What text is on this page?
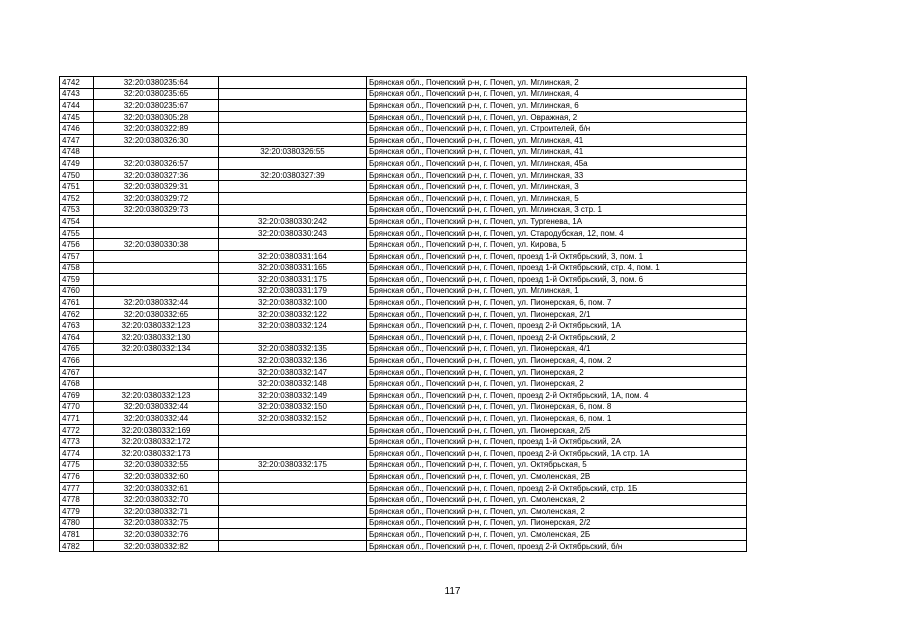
4742	32:20:0380235:64		Брянская обл., Почепский р-н, г. Почеп, ул. Мглинская, 2
4743	32:20:0380235:65		Брянская обл., Почепский р-н, г. Почеп, ул. Мглинская, 4
4744	32:20:0380235:67		Брянская обл., Почепский р-н, г. Почеп, ул. Мглинская, 6
4745	32:20:0380305:28		Брянская обл., Почепский р-н, г. Почеп, ул. Овражная, 2
4746	32:20:0380322:89		Брянская обл., Почепский р-н, г. Почеп, ул. Строителей, б/н
4747	32:20:0380326:30		Брянская обл., Почепский р-н, г. Почеп, ул. Мглинская, 41
4748		32:20:0380326:55	Брянская обл., Почепский р-н, г. Почеп, ул. Мглинская, 41
4749	32:20:0380326:57		Брянская обл., Почепский р-н, г. Почеп, ул. Мглинская, 45а
4750	32:20:0380327:36	32:20:0380327:39	Брянская обл., Почепский р-н, г. Почеп, ул. Мглинская, 33
4751	32:20:0380329:31		Брянская обл., Почепский р-н, г. Почеп, ул. Мглинская, 3
4752	32:20:0380329:72		Брянская обл., Почепский р-н, г. Почеп, ул. Мглинская, 5
4753	32:20:0380329:73		Брянская обл., Почепский р-н, г. Почеп, ул. Мглинская, 3 стр. 1
4754		32:20:0380330:242	Брянская обл., Почепский р-н, г. Почеп, ул. Тургенева, 1А
4755		32:20:0380330:243	Брянская обл., Почепский р-н, г. Почеп, ул. Стародубская, 12, пом. 4
4756	32:20:0380330:38		Брянская обл., Почепский р-н, г. Почеп, ул. Кирова, 5
4757		32:20:0380331:164	Брянская обл., Почепский р-н, г. Почеп, проезд 1-й Октябрьский, 3, пом. 1
4758		32:20:0380331:165	Брянская обл., Почепский р-н, г. Почеп, проезд 1-й Октябрьский, стр. 4, пом. 1
4759		32:20:0380331:175	Брянская обл., Почепский р-н, г. Почеп, проезд 1-й Октябрьский, 3, пом. 6
4760		32:20:0380331:179	Брянская обл., Почепский р-н, г. Почеп, ул. Мглинская, 1
4761	32:20:0380332:44	32:20:0380332:100	Брянская обл., Почепский р-н, г. Почеп, ул. Пионерская, 6, пом. 7
4762	32:20:0380332:65	32:20:0380332:122	Брянская обл., Почепский р-н, г. Почеп, ул. Пионерская, 2/1
4763	32:20:0380332:123	32:20:0380332:124	Брянская обл., Почепский р-н, г. Почеп, проезд 2-й Октябрьский, 1А
4764	32:20:0380332:130		Брянская обл., Почепский р-н, г. Почеп, проезд 2-й Октябрьский, 2
4765	32:20:0380332:134	32:20:0380332:135	Брянская обл., Почепский р-н, г. Почеп, ул. Пионерская, 4/1
4766		32:20:0380332:136	Брянская обл., Почепский р-н, г. Почеп, ул. Пионерская, 4, пом. 2
4767		32:20:0380332:147	Брянская обл., Почепский р-н, г. Почеп, ул. Пионерская, 2
4768		32:20:0380332:148	Брянская обл., Почепский р-н, г. Почеп, ул. Пионерская, 2
4769	32:20:0380332:123	32:20:0380332:149	Брянская обл., Почепский р-н, г. Почеп, проезд 2-й Октябрьский, 1А, пом. 4
4770	32:20:0380332:44	32:20:0380332:150	Брянская обл., Почепский р-н, г. Почеп, ул. Пионерская, 6, пом. 8
4771	32:20:0380332:44	32:20:0380332:152	Брянская обл., Почепский р-н, г. Почеп, ул. Пионерская, 6, пом. 1
4772	32:20:0380332:169		Брянская обл., Почепский р-н, г. Почеп, ул. Пионерская, 2/5
4773	32:20:0380332:172		Брянская обл., Почепский р-н, г. Почеп, проезд 1-й Октябрьский, 2А
4774	32:20:0380332:173		Брянская обл., Почепский р-н, г. Почеп, проезд 2-й Октябрьский, 1А стр. 1А
4775	32:20:0380332:55	32:20:0380332:175	Брянская обл., Почепский р-н, г. Почеп, ул. Октябрьская, 5
4776	32:20:0380332:60		Брянская обл., Почепский р-н, г. Почеп, ул. Смоленская, 2В
4777	32:20:0380332:61		Брянская обл., Почепский р-н, г. Почеп, проезд 2-й Октябрьский, стр. 1Б
4778	32:20:0380332:70		Брянская обл., Почепский р-н, г. Почеп, ул. Смоленская, 2
4779	32:20:0380332:71		Брянская обл., Почепский р-н, г. Почеп, ул. Смоленская, 2
4780	32:20:0380332:75		Брянская обл., Почепский р-н, г. Почеп, ул. Пионерская, 2/2
4781	32:20:0380332:76		Брянская обл., Почепский р-н, г. Почеп, ул. Смоленская, 2Б
4782	32:20:0380332:82		Брянская обл., Почепский р-н, г. Почеп, проезд 2-й Октябрьский, б/н
117
